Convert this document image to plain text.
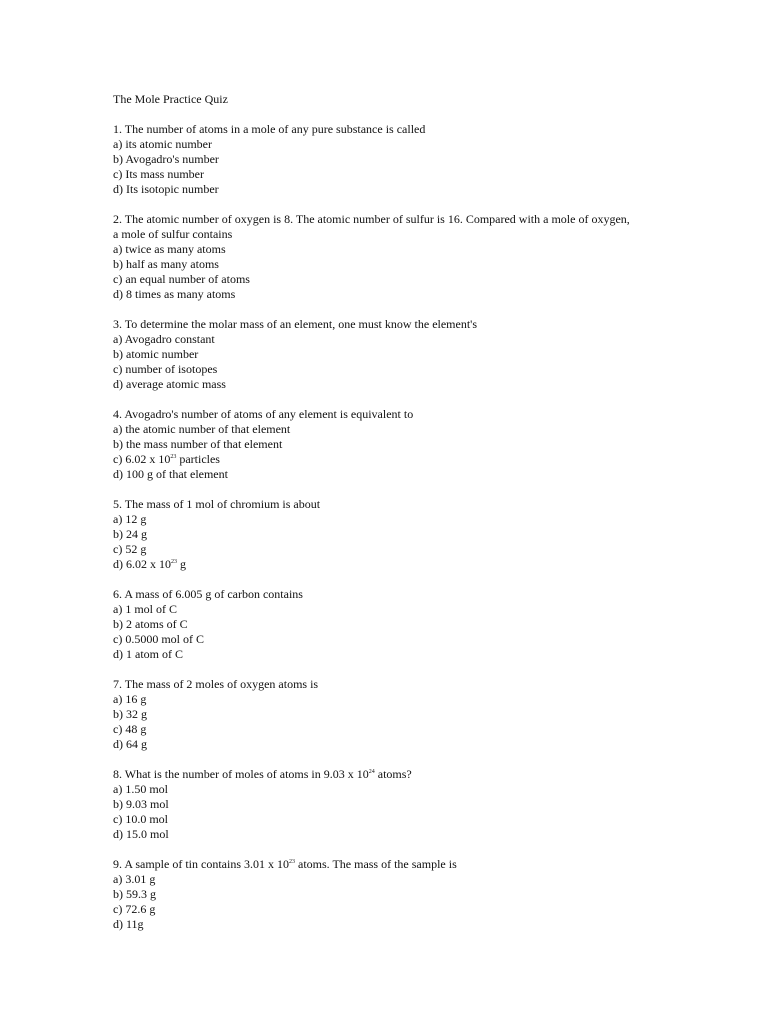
The Mole Practice Quiz
1. The number of atoms in a mole of any pure substance is called
a) its atomic number
b) Avogadro's number
c) Its mass number
d) Its isotopic number
2. The atomic number of oxygen is 8. The atomic number of sulfur is 16. Compared with a mole of oxygen, a mole of sulfur contains
a) twice as many atoms
b) half as many atoms
c) an equal number of atoms
d) 8 times as many atoms
3. To determine the molar mass of an element, one must know the element's
a) Avogadro constant
b) atomic number
c) number of isotopes
d) average atomic mass
4. Avogadro's number of atoms of any element is equivalent to
a) the atomic number of that element
b) the mass number of that element
c) 6.02 x $10^{23}$ particles
d) 100 g of that element
5. The mass of 1 mol of chromium is about
a) 12 g
b) 24 g
c) 52 g
d) 6.02 x $10^{23}$ g
6. A mass of 6.005 g of carbon contains
a) 1 mol of C
b) 2 atoms of C
c) 0.5000 mol of C
d) 1 atom of C
7. The mass of 2 moles of oxygen atoms is
a) 16 g
b) 32 g
c) 48 g
d) 64 g
8. What is the number of moles of atoms in 9.03 x $10^{24}$ atoms?
a) 1.50 mol
b) 9.03 mol
c) 10.0 mol
d) 15.0 mol
9. A sample of tin contains 3.01 x $10^{23}$ atoms. The mass of the sample is
a) 3.01 g
b) 59.3 g
c) 72.6 g
d) 11g
